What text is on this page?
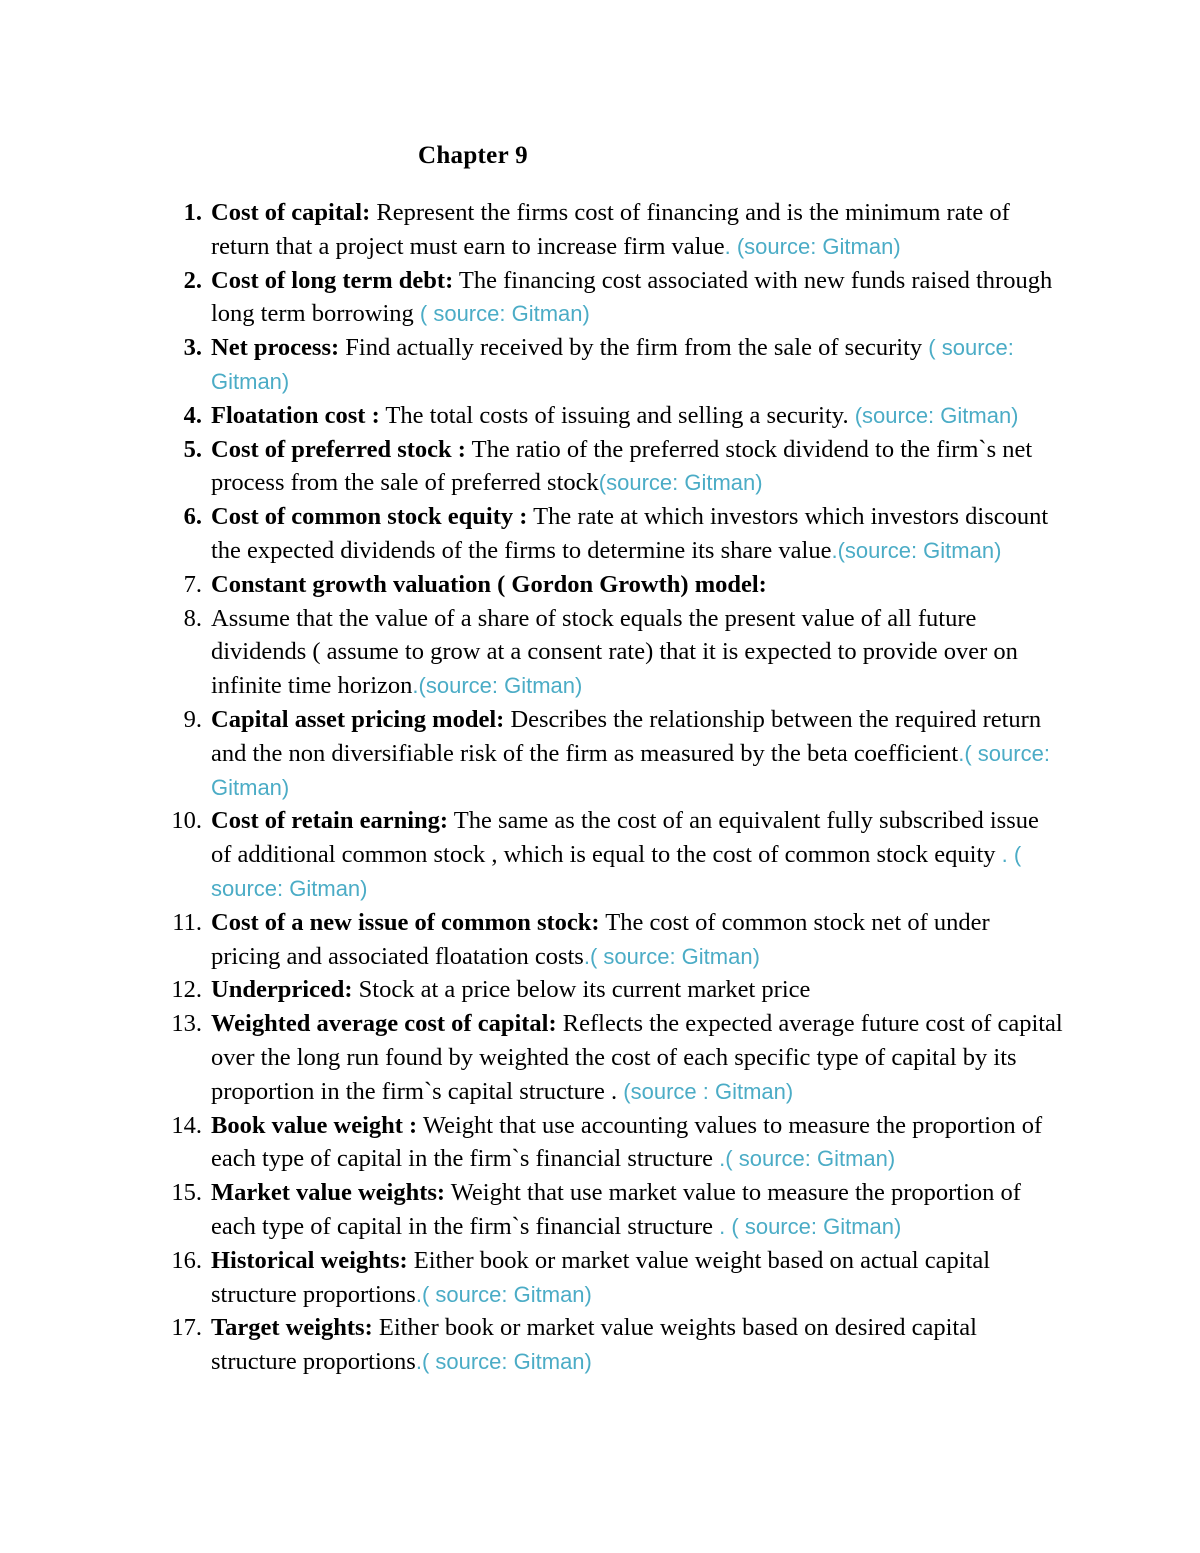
Chapter 9
1. Cost of capital: Represent the firms cost of financing and is the minimum rate of return that a project must earn to increase firm value. (source: Gitman)
2. Cost of long term debt: The financing cost associated with new funds raised through long term borrowing ( source: Gitman)
3. Net process: Find actually received by the firm from the sale of security ( source: Gitman)
4. Floatation cost : The total costs of issuing and selling a security. (source: Gitman)
5. Cost of preferred stock : The ratio of the preferred stock dividend to the firm`s net process from the sale of preferred stock(source: Gitman)
6. Cost of common stock equity : The rate at which investors which investors discount the expected dividends of the firms to determine its share value.(source: Gitman)
7. Constant growth valuation ( Gordon Growth) model:
8. Assume that the value of a share of stock equals the present value of all future dividends ( assume to grow at a consent rate) that it is expected to provide over on infinite time horizon.(source: Gitman)
9. Capital asset pricing model: Describes the relationship between the required return and the non diversifiable risk of the firm as measured by the beta coefficient.( source: Gitman)
10. Cost of retain earning: The same as the cost of an equivalent fully subscribed issue of additional common stock , which is equal to the cost of common stock equity . ( source: Gitman)
11. Cost of a new issue of common stock: The cost of common stock net of under pricing and associated floatation costs.( source: Gitman)
12. Underpriced: Stock at a price below its current market price
13. Weighted average cost of capital: Reflects the expected average future cost of capital over the long run found by weighted the cost of each specific type of capital by its proportion in the firm`s capital structure . (source : Gitman)
14. Book value weight : Weight that use accounting values to measure the proportion of each type of capital in the firm`s financial structure .( source: Gitman)
15. Market value weights: Weight that use market value to measure the proportion of each type of capital in the firm`s financial structure . ( source: Gitman)
16. Historical weights: Either book or market value weight based on actual capital structure proportions.( source: Gitman)
17. Target weights: Either book or market value weights based on desired capital structure proportions.( source: Gitman)
